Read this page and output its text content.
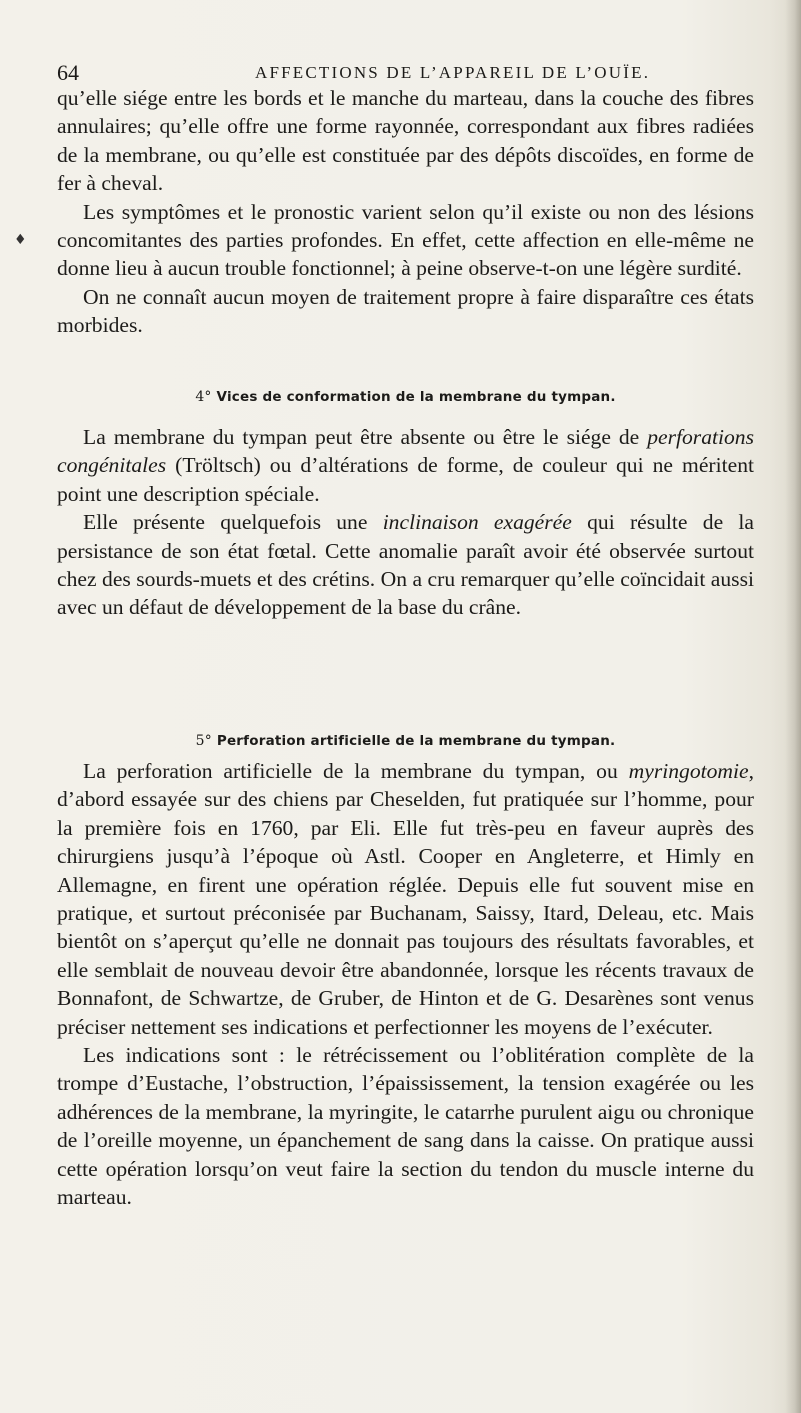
64	AFFECTIONS DE L’APPAREIL DE L’OUÏE.
♦

qu’elle siége entre les bords et le manche du marteau, dans la couche des fibres annulaires; qu’elle offre une forme rayonnée, correspondant aux fibres radiées de la membrane, ou qu’elle est constituée par des dépôts discoïdes, en forme de fer à cheval.

Les symptômes et le pronostic varient selon qu’il existe ou non des lésions concomitantes des parties profondes. En effet, cette affection en elle-même ne donne lieu à aucun trouble fonctionnel; à peine observe-t-on une légère surdité.

On ne connaît aucun moyen de traitement propre à faire disparaître ces états morbides.

4° Vices de conformation de la membrane du tympan.

La membrane du tympan peut être absente ou être le siége de perforations congénitales (Tröltsch) ou d’altérations de forme, de couleur qui ne méritent point une description spéciale.

Elle présente quelquefois une inclinaison exagérée qui résulte de la persistance de son état fœtal. Cette anomalie paraît avoir été observée surtout chez des sourds-muets et des crétins. On a cru remarquer qu’elle coïncidait aussi avec un défaut de développement de la base du crâne.

5° Perforation artificielle de la membrane du tympan.

La perforation artificielle de la membrane du tympan, ou myringotomie, d’abord essayée sur des chiens par Cheselden, fut pratiquée sur l’homme, pour la première fois en 1760, par Eli. Elle fut très-peu en faveur auprès des chirurgiens jusqu’à l’époque où Astl. Cooper en Angleterre, et Himly en Allemagne, en firent une opération réglée. Depuis elle fut souvent mise en pratique, et surtout préconisée par Buchanam, Saissy, Itard, Deleau, etc. Mais bientôt on s’aperçut qu’elle ne donnait pas toujours des résultats favorables, et elle semblait de nouveau devoir être abandonnée, lorsque les récents travaux de Bonnafont, de Schwartze, de Gruber, de Hinton et de G. Desarènes sont venus préciser nettement ses indications et perfectionner les moyens de l’exécuter.

Les indications sont : le rétrécissement ou l’oblitération complète de la trompe d’Eustache, l’obstruction, l’épaississement, la tension exagérée ou les adhérences de la membrane, la myringite, le catarrhe purulent aigu ou chronique de l’oreille moyenne, un épanchement de sang dans la caisse. On pratique aussi cette opération lorsqu’on veut faire la section du tendon du muscle interne du marteau.
